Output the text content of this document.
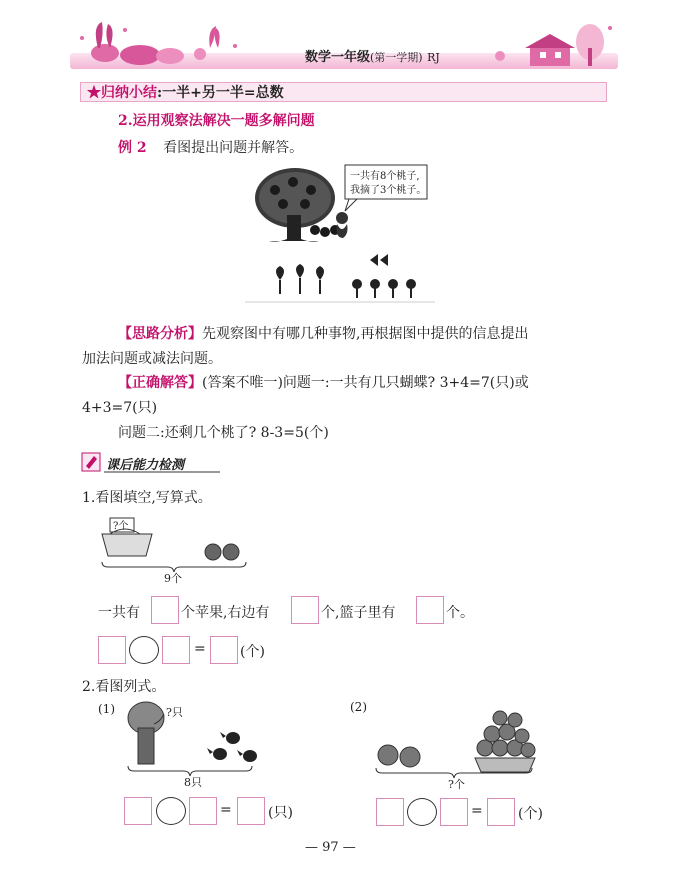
数学一年级(第一学期) RJ
★归纳小结:一半+另一半=总数
2.运用观察法解决一题多解问题
例 2 看图提出问题并解答。
一共有8个桃子,
我摘了3个桃子。
【思路分析】先观察图中有哪几种事物,再根据图中提供的信息提出
加法问题或减法问题。
【正确解答】(答案不唯一)问题一:一共有几只蝴蝶? 3+4=7(只)或
4+3=7(只)
问题二:还剩几个桃了? 8-3=5(个)
课后能力检测
1.看图填空,写算式。
?个
9个
一共有	个苹果,右边有	个,篮子里有	个。
= (个)
2.看图列式。
(1)	?只
8只
=	(只)
(2)
?个
=	(个)
— 97 —
